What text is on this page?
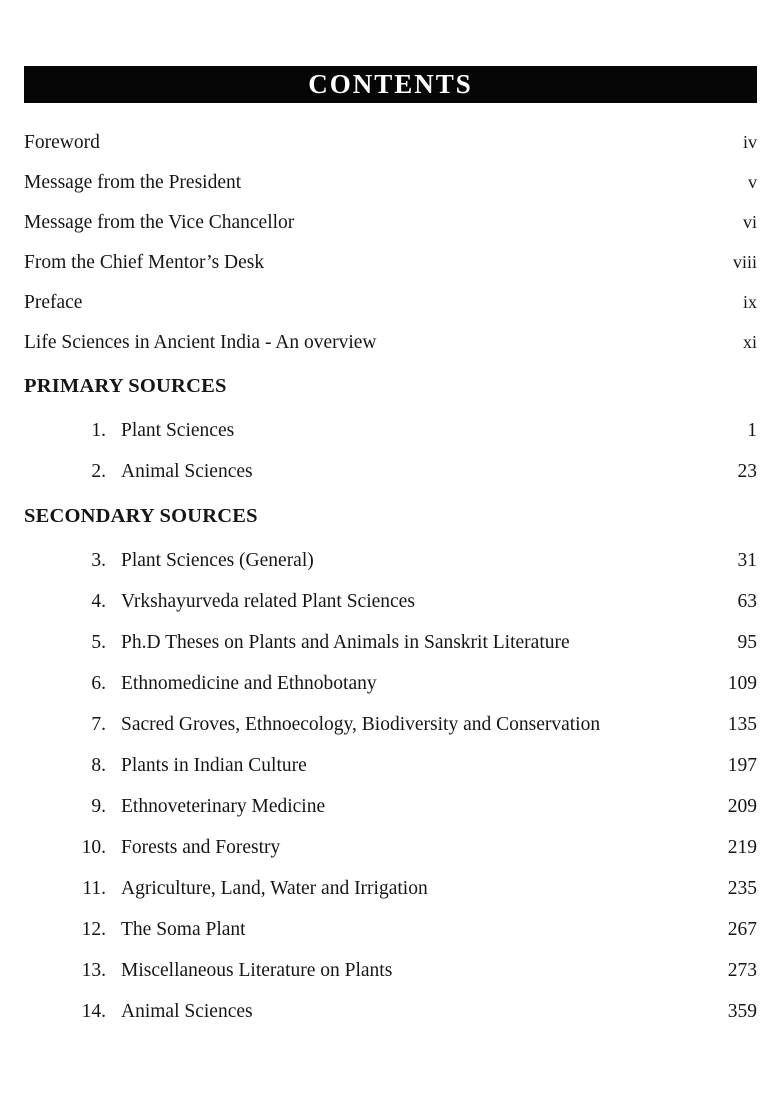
CONTENTS
Foreword	iv
Message from the President	v
Message from the Vice Chancellor	vi
From the Chief Mentor’s Desk	viii
Preface	ix
Life Sciences in Ancient India - An overview	xi
PRIMARY SOURCES
1. Plant Sciences	1
2. Animal Sciences	23
SECONDARY SOURCES
3. Plant Sciences (General)	31
4. Vrkshayurveda related Plant Sciences	63
5. Ph.D Theses on Plants and Animals in Sanskrit Literature	95
6. Ethnomedicine and Ethnobotany	109
7. Sacred Groves, Ethnoecology, Biodiversity and Conservation	135
8. Plants in Indian Culture	197
9. Ethnoveterinary Medicine	209
10. Forests and Forestry	219
11. Agriculture, Land, Water and Irrigation	235
12. The Soma Plant	267
13. Miscellaneous Literature on Plants	273
14. Animal Sciences	359
